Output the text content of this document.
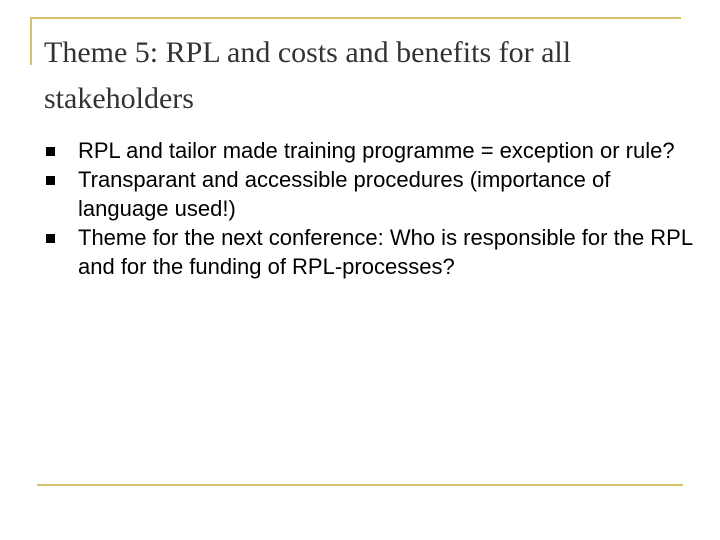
Theme 5: RPL and costs and benefits for all stakeholders
RPL and tailor made training programme = exception or rule?
Transparant and accessible procedures (importance of language used!)
Theme for the next conference: Who is responsible for the RPL and for the funding of RPL-processes?
